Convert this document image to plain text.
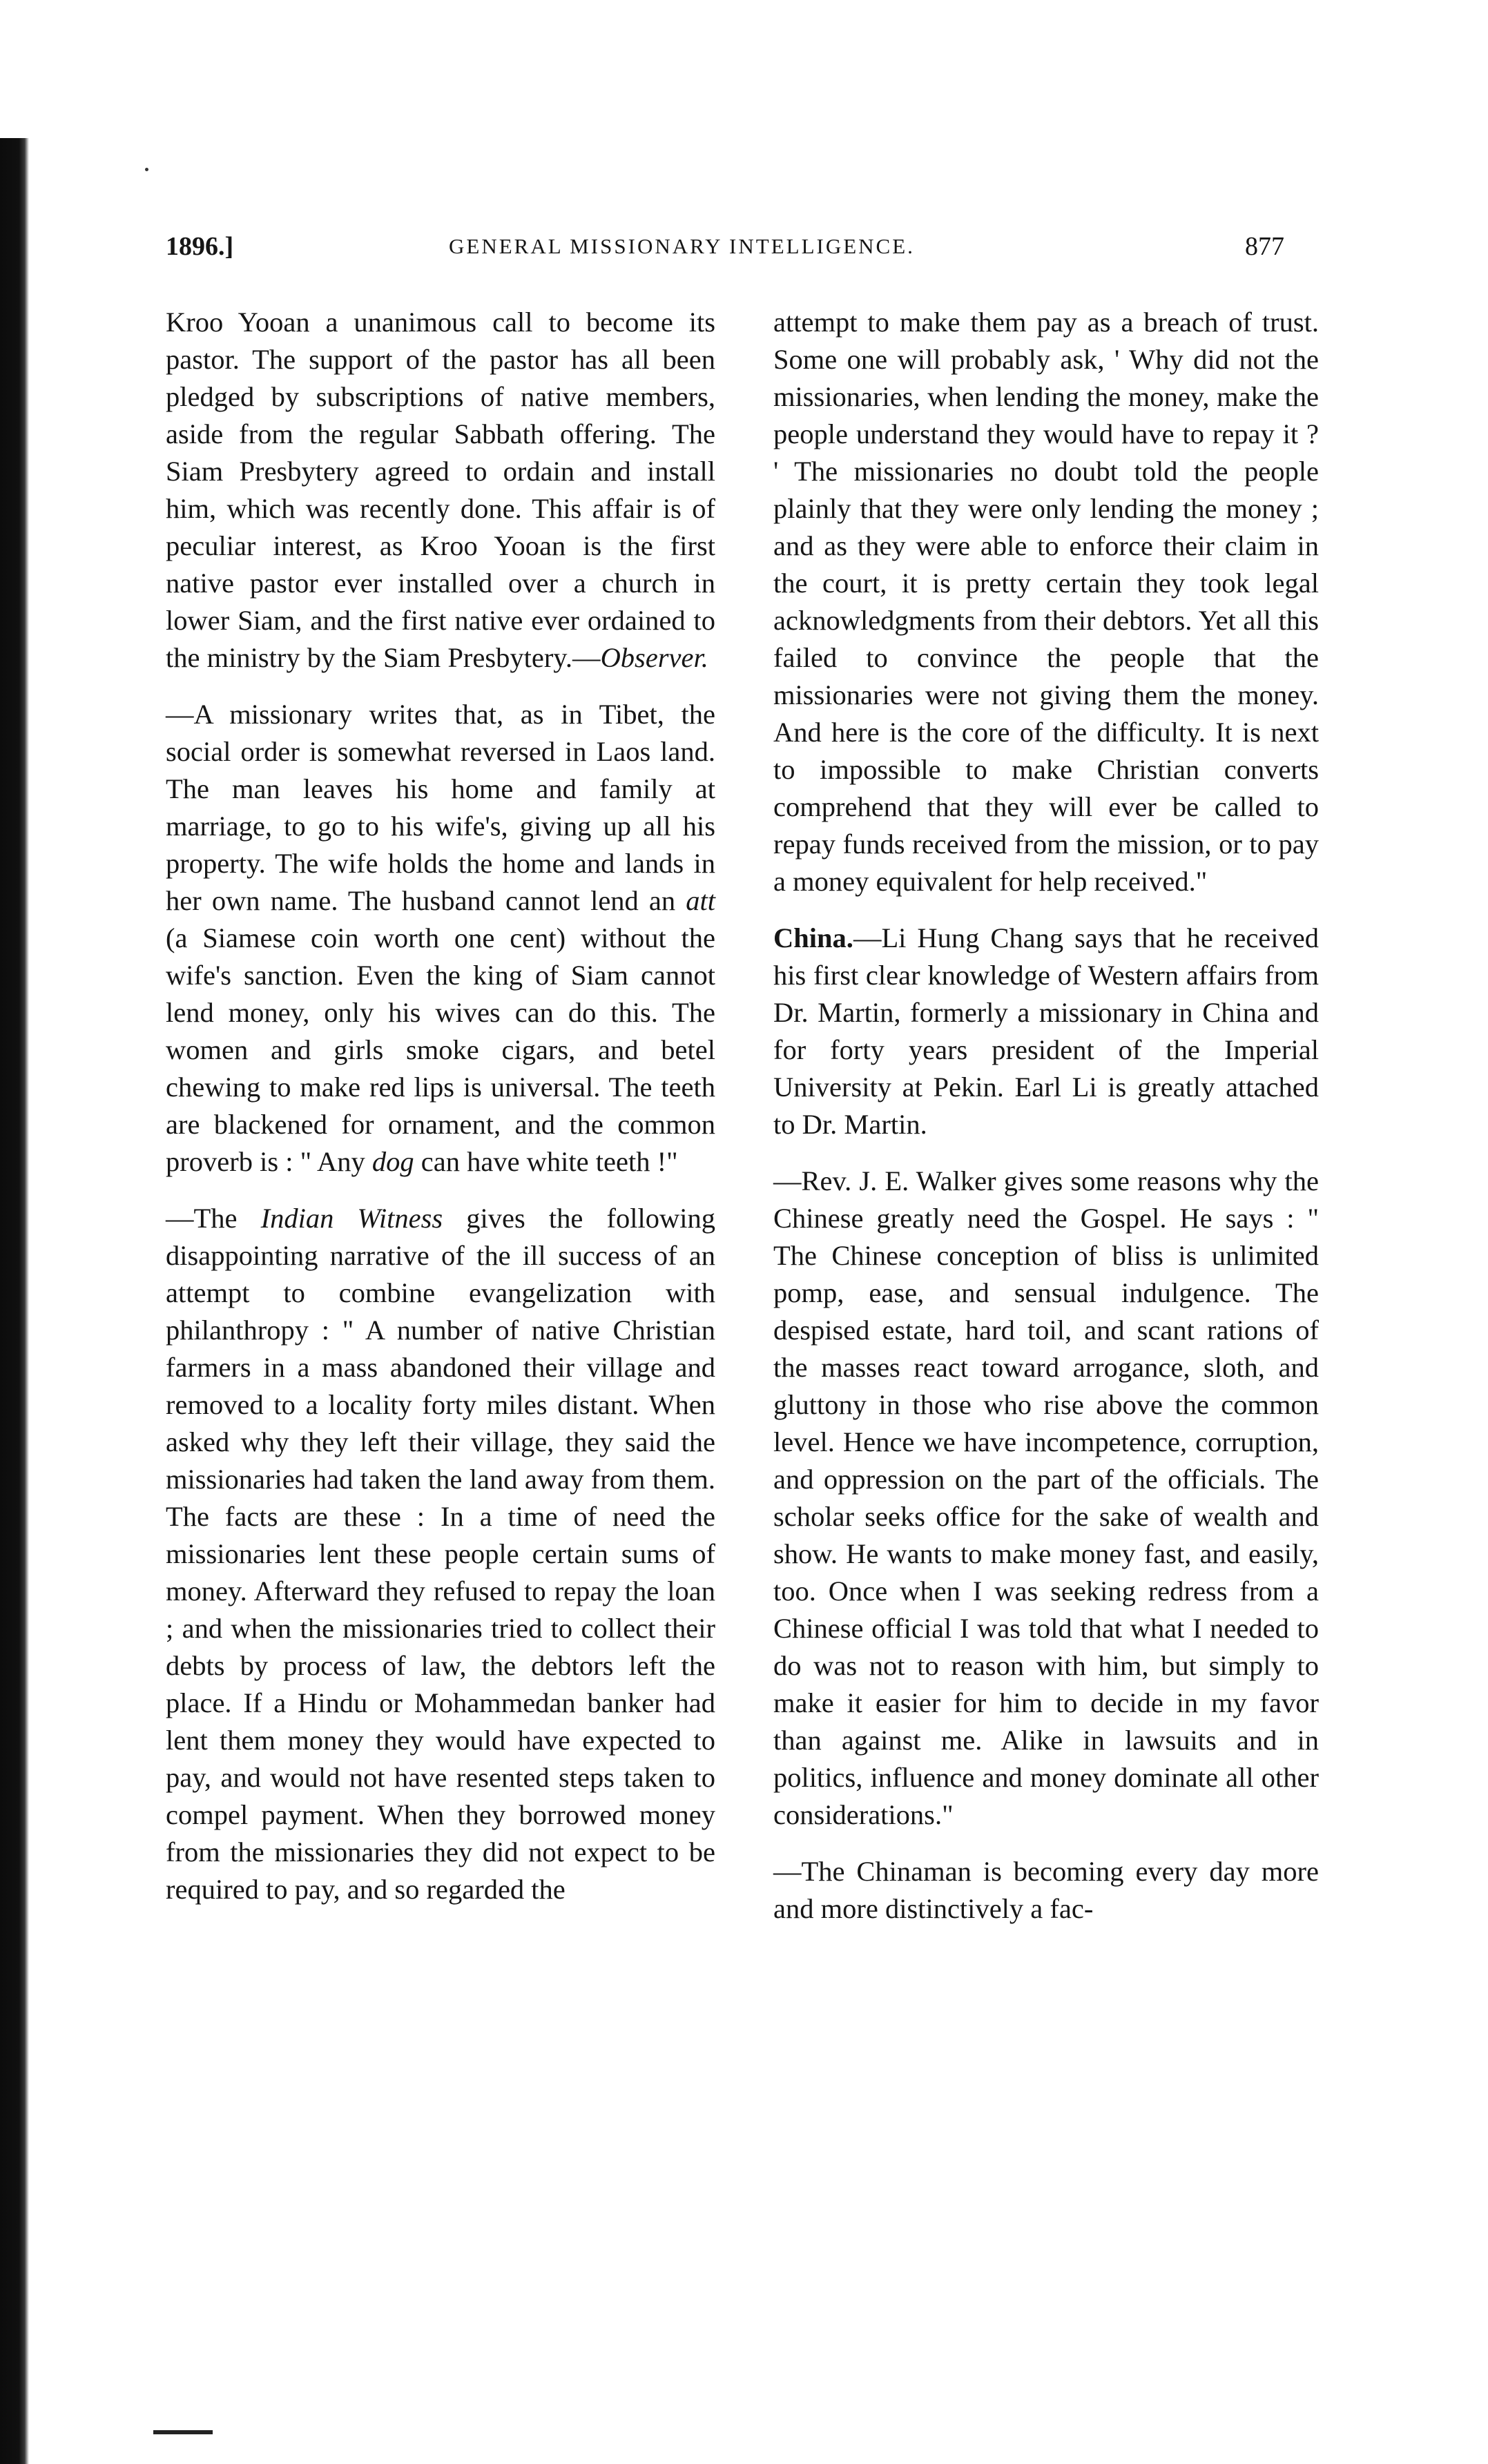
1896.]	GENERAL MISSIONARY INTELLIGENCE.	877

Kroo Yooan a unanimous call to become its pastor. The support of the pastor has all been pledged by subscriptions of native members, aside from the regular Sabbath offering. The Siam Presbytery agreed to ordain and install him, which was recently done. This affair is of peculiar interest, as Kroo Yooan is the first native pastor ever installed over a church in lower Siam, and the first native ever ordained to the ministry by the Siam Presbytery.—Observer.

—A missionary writes that, as in Tibet, the social order is somewhat reversed in Laos land. The man leaves his home and family at marriage, to go to his wife's, giving up all his property. The wife holds the home and lands in her own name. The husband cannot lend an att (a Siamese coin worth one cent) without the wife's sanction. Even the king of Siam cannot lend money, only his wives can do this. The women and girls smoke cigars, and betel chewing to make red lips is universal. The teeth are blackened for ornament, and the common proverb is : " Any dog can have white teeth !"

—The Indian Witness gives the following disappointing narrative of the ill success of an attempt to combine evangelization with philanthropy : " A number of native Christian farmers in a mass abandoned their village and removed to a locality forty miles distant. When asked why they left their village, they said the missionaries had taken the land away from them. The facts are these : In a time of need the missionaries lent these people certain sums of money. Afterward they refused to repay the loan ; and when the missionaries tried to collect their debts by process of law, the debtors left the place. If a Hindu or Mohammedan banker had lent them money they would have expected to pay, and would not have resented steps taken to compel payment. When they borrowed money from the missionaries they did not expect to be required to pay, and so regarded the

attempt to make them pay as a breach of trust. Some one will probably ask, ' Why did not the missionaries, when lending the money, make the people understand they would have to repay it ? ' The missionaries no doubt told the people plainly that they were only lending the money ; and as they were able to enforce their claim in the court, it is pretty certain they took legal acknowledgments from their debtors. Yet all this failed to convince the people that the missionaries were not giving them the money. And here is the core of the difficulty. It is next to impossible to make Christian converts comprehend that they will ever be called to repay funds received from the mission, or to pay a money equivalent for help received."

China.—Li Hung Chang says that he received his first clear knowledge of Western affairs from Dr. Martin, formerly a missionary in China and for forty years president of the Imperial University at Pekin. Earl Li is greatly attached to Dr. Martin.

—Rev. J. E. Walker gives some reasons why the Chinese greatly need the Gospel. He says : " The Chinese conception of bliss is unlimited pomp, ease, and sensual indulgence. The despised estate, hard toil, and scant rations of the masses react toward arrogance, sloth, and gluttony in those who rise above the common level. Hence we have incompetence, corruption, and oppression on the part of the officials. The scholar seeks office for the sake of wealth and show. He wants to make money fast, and easily, too. Once when I was seeking redress from a Chinese official I was told that what I needed to do was not to reason with him, but simply to make it easier for him to decide in my favor than against me. Alike in lawsuits and in politics, influence and money dominate all other considerations."

—The Chinaman is becoming every day more and more distinctively a fac-
